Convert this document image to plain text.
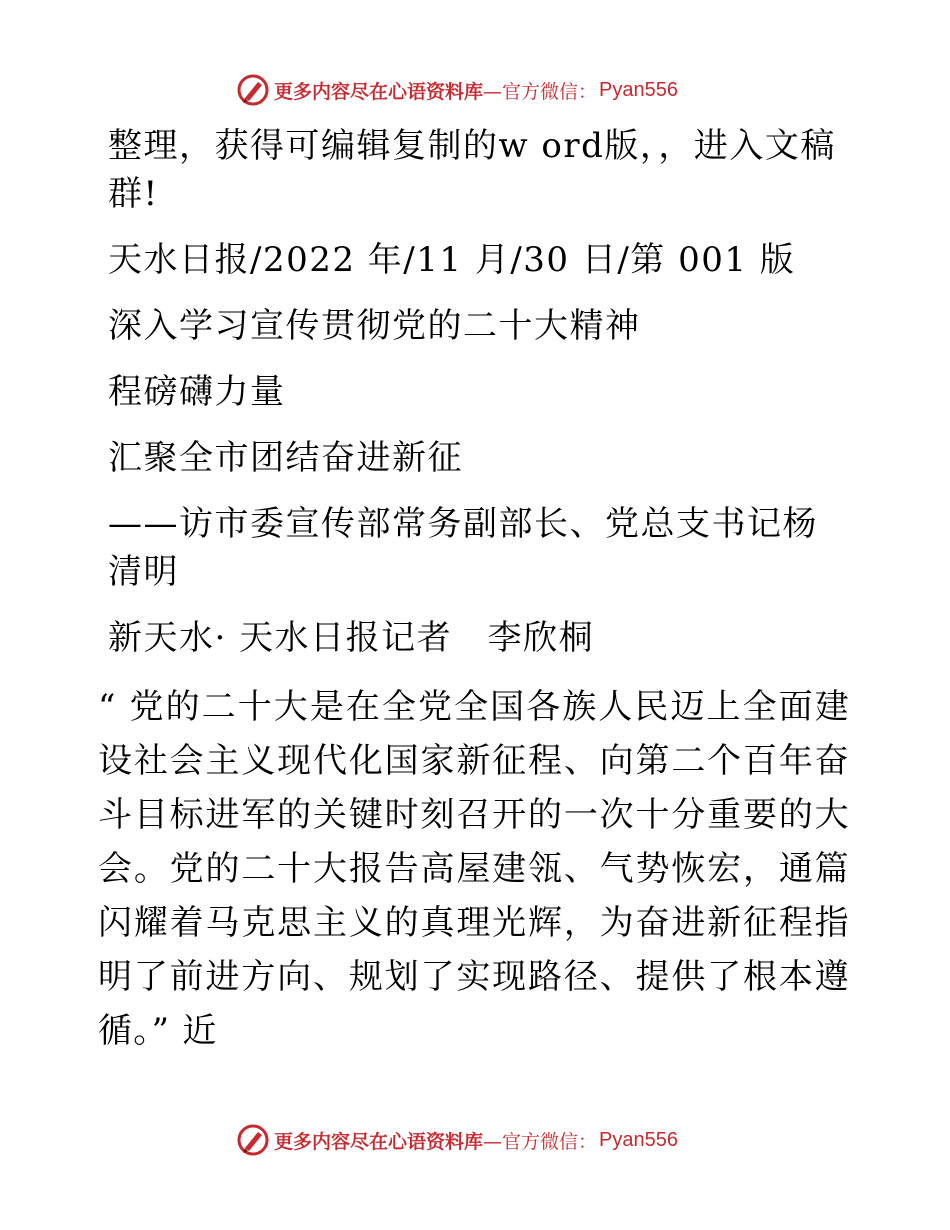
更多内容尽在心语资料库 —官方微信： Pyan556

整理，获得可编辑复制的w ord版，，进入文稿群!

天水日报/2022 年/11 月/30 日/第 001 版

深入学习宣传贯彻党的二十大精神

程磅礴力量

汇聚全市团结奋进新征

——访市委宣传部常务副部长、党总支书记杨清明

新天水· 天水日报记者　李欣桐

“ 党的二十大是在全党全国各族人民迈上全面建设社会主义现代化国家新征程、向第二个百年奋斗目标进军的关键时刻召开的一次十分重要的大会。党的二十大报告高屋建瓴、气势恢宏，通篇闪耀着马克思主义的真理光辉，为奋进新征程指明了前进方向、规划了实现路径、提供了根本遵循。” 近

更多内容尽在心语资料库 —官方微信： Pyan556
